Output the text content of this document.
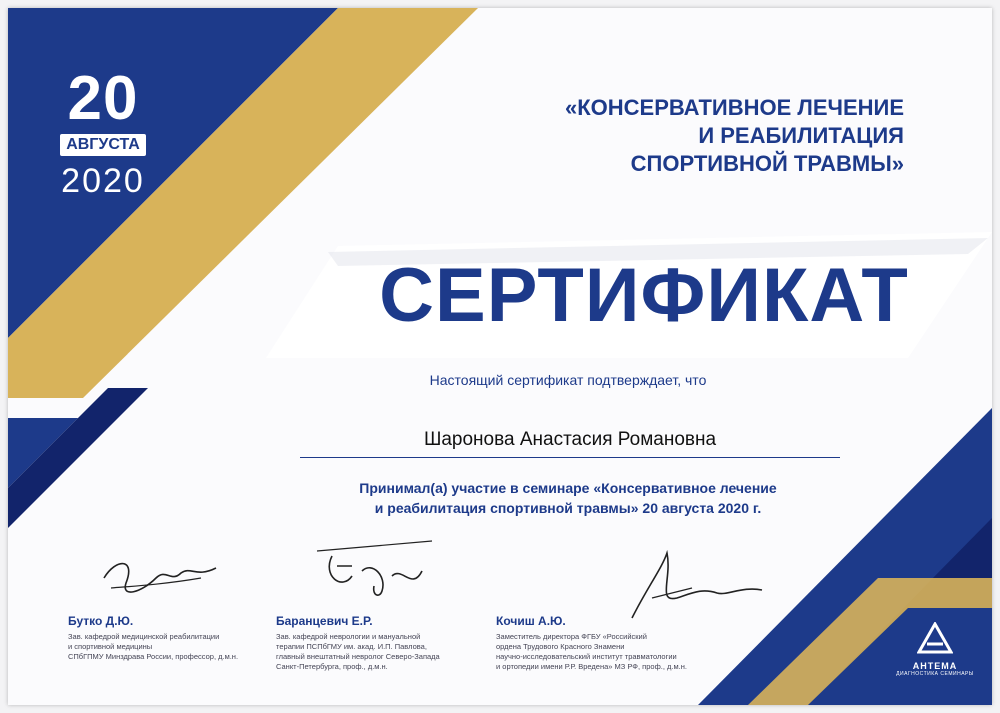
20
АВГУСТА
2020
«КОНСЕРВАТИВНОЕ ЛЕЧЕНИЕ
И РЕАБИЛИТАЦИЯ
СПОРТИВНОЙ ТРАВМЫ»
СЕРТИФИКАТ
Настоящий сертификат подтверждает, что
Шаронова Анастасия Романовна
Принимал(а) участие в семинаре «Консервативное лечение
и реабилитация спортивной травмы» 20 августа 2020 г.
Бутко Д.Ю.
Зав. кафедрой медицинской реабилитации
и спортивной медицины
СПбГПМУ Минздрава России, профессор, д.м.н.
Баранцевич Е.Р.
Зав. кафедрой неврологии и мануальной
терапии ПСПбГМУ им. акад. И.П. Павлова,
главный внештатный невролог Северо-Запада
Санкт-Петербурга, проф., д.м.н.
Кочиш А.Ю.
Заместитель директора ФГБУ «Российский
ордена Трудового Красного Знамени
научно-исследовательский институт травматологии
и ортопедии имени Р.Р. Вредена» МЗ РФ, проф., д.м.н.	АНТЕМА
ДИАГНОСТИКА СЕМИНАРЫ
